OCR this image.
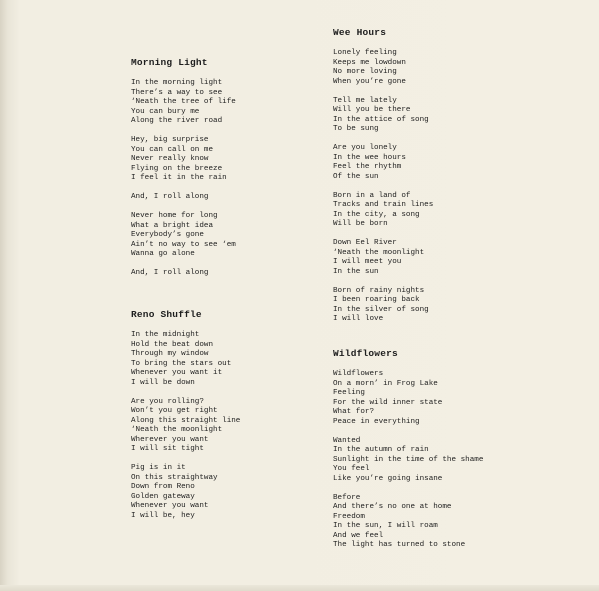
Morning Light
In the morning light
There’s a way to see
‘Neath the tree of life
You can bury me
Along the river road
Hey, big surprise
You can call on me
Never really know
Flying on the breeze
I feel it in the rain
And, I roll along
Never home for long
What a bright idea
Everybody’s gone
Ain’t no way to see ‘em
Wanna go alone
And, I roll along
Reno Shuffle
In the midnight
Hold the beat down
Through my window
To bring the stars out
Whenever you want it
I will be down
Are you rolling?
Won’t you get right
Along this straight line
‘Neath the moonlight
Wherever you want
I will sit tight
Pig is in it
On this straightway
Down from Reno
Golden gateway
Whenever you want
I will be, hey
Wee Hours
Lonely feeling
Keeps me lowdown
No more loving
When you’re gone
Tell me lately
Will you be there
In the attice of song
To be sung
Are you lonely
In the wee hours
Feel the rhythm
Of the sun
Born in a land of
Tracks and train lines
In the city, a song
Will be born
Down Eel River
‘Neath the moonlight
I will meet you
In the sun
Born of rainy nights
I been roaring back
In the silver of song
I will love
Wildflowers
Wildflowers
On a morn’ in Frog Lake
Feeling
For the wild inner state
What for?
Peace in everything
Wanted
In the autumn of rain
Sunlight in the time of the shame
You feel
Like you’re going insane
Before
And there’s no one at home
Freedom
In the sun, I will roam
And we feel
The light has turned to stone
